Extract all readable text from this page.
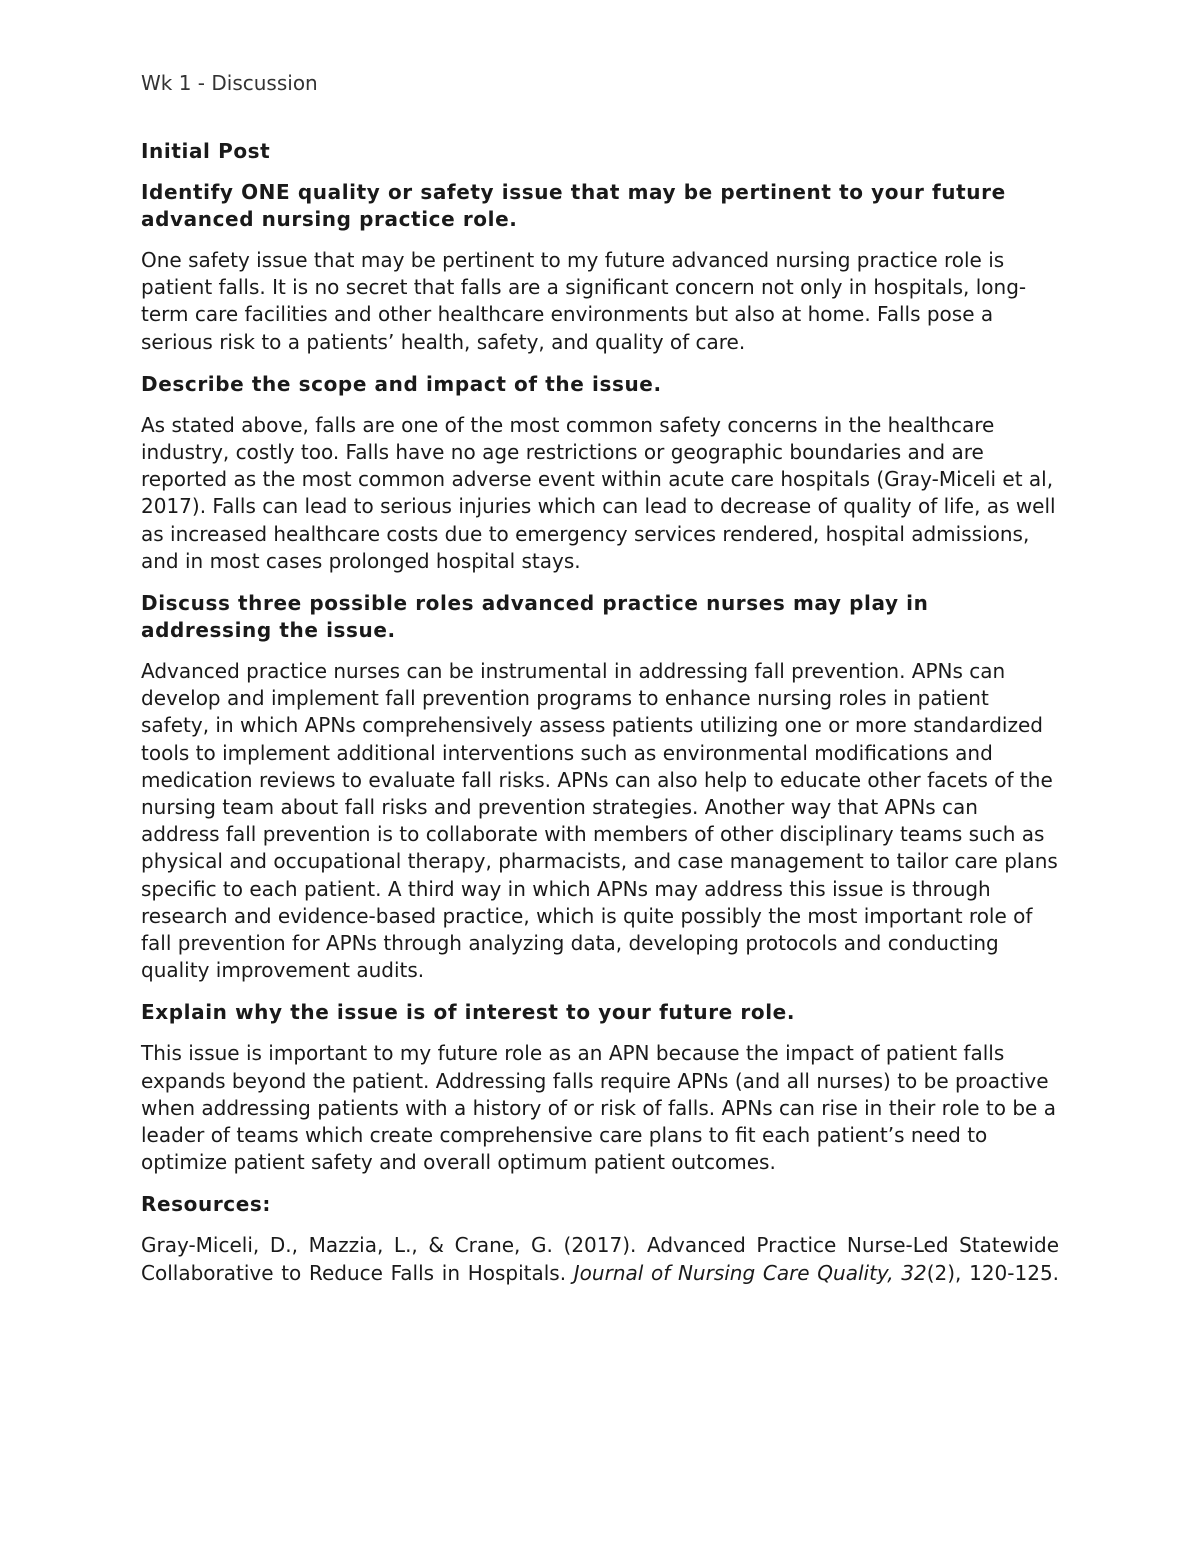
Wk 1 - Discussion
Initial Post
Identify ONE quality or safety issue that may be pertinent to your future advanced nursing practice role.
One safety issue that may be pertinent to my future advanced nursing practice role is patient falls. It is no secret that falls are a significant concern not only in hospitals, long-term care facilities and other healthcare environments but also at home. Falls pose a serious risk to a patients’ health, safety, and quality of care.
Describe the scope and impact of the issue.
As stated above, falls are one of the most common safety concerns in the healthcare industry, costly too. Falls have no age restrictions or geographic boundaries and are reported as the most common adverse event within acute care hospitals (Gray-Miceli et al, 2017). Falls can lead to serious injuries which can lead to decrease of quality of life, as well as increased healthcare costs due to emergency services rendered, hospital admissions, and in most cases prolonged hospital stays.
Discuss three possible roles advanced practice nurses may play in addressing the issue.
Advanced practice nurses can be instrumental in addressing fall prevention. APNs can develop and implement fall prevention programs to enhance nursing roles in patient safety, in which APNs comprehensively assess patients utilizing one or more standardized tools to implement additional interventions such as environmental modifications and medication reviews to evaluate fall risks. APNs can also help to educate other facets of the nursing team about fall risks and prevention strategies. Another way that APNs can address fall prevention is to collaborate with members of other disciplinary teams such as physical and occupational therapy, pharmacists, and case management to tailor care plans specific to each patient. A third way in which APNs may address this issue is through research and evidence-based practice, which is quite possibly the most important role of fall prevention for APNs through analyzing data, developing protocols and conducting quality improvement audits.
Explain why the issue is of interest to your future role.
This issue is important to my future role as an APN because the impact of patient falls expands beyond the patient. Addressing falls require APNs (and all nurses) to be proactive when addressing patients with a history of or risk of falls. APNs can rise in their role to be a leader of teams which create comprehensive care plans to fit each patient’s need to optimize patient safety and overall optimum patient outcomes.
Resources:

Gray-Miceli, D., Mazzia, L., & Crane, G. (2017). Advanced Practice Nurse-Led Statewide Collaborative to Reduce Falls in Hospitals. Journal of Nursing Care Quality, 32(2), 120-125.
